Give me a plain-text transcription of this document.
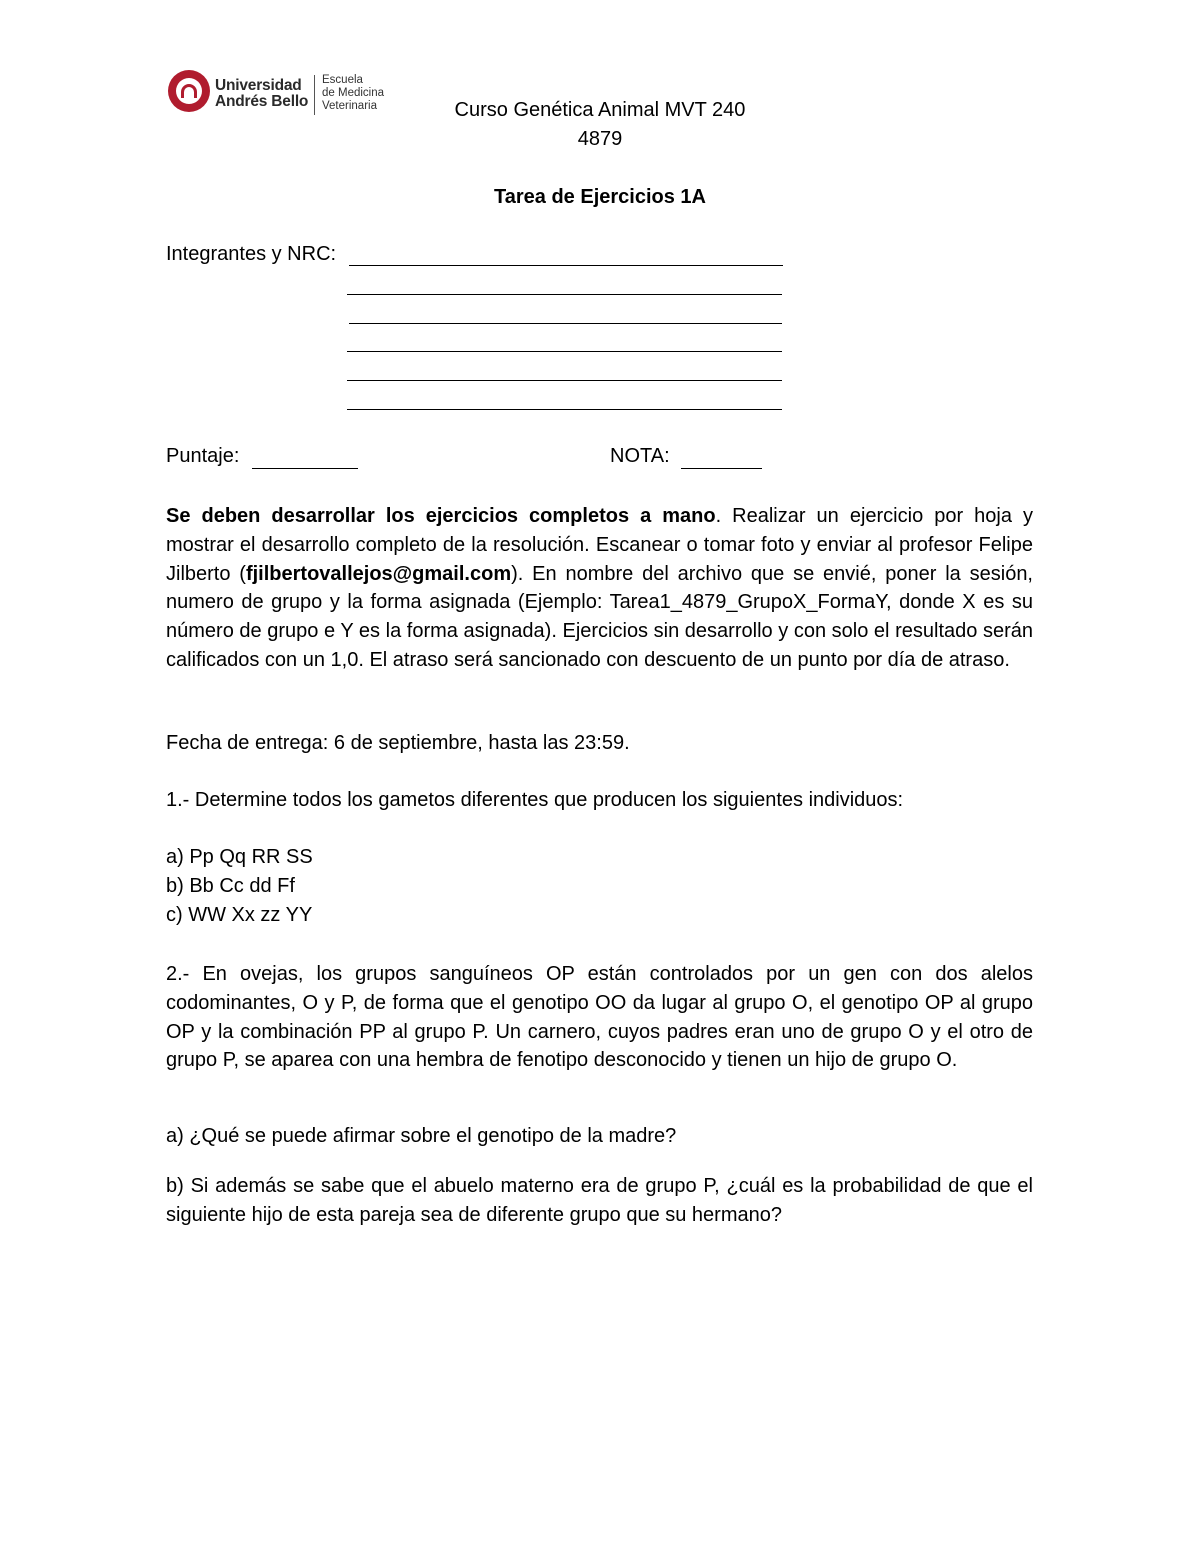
Universidad
Andrés Bello
Escuela
de Medicina
Veterinaria	Curso Genética Animal MVT 240
4879
Tarea de Ejercicios 1A
Integrantes y NRC:
Puntaje:	NOTA:
Se deben desarrollar los ejercicios completos a mano. Realizar un ejercicio por hoja y mostrar el desarrollo completo de la resolución. Escanear o tomar foto y enviar al profesor Felipe Jilberto (fjilbertovallejos@gmail.com). En nombre del archivo que se envié, poner la sesión, numero de grupo y la forma asignada (Ejemplo: Tarea1_4879_GrupoX_FormaY, donde X es su número de grupo e Y es la forma asignada). Ejercicios sin desarrollo y con solo el resultado serán calificados con un 1,0. El atraso será sancionado con descuento de un punto por día de atraso.
Fecha de entrega: 6 de septiembre, hasta las 23:59.
1.- Determine todos los gametos diferentes que producen los siguientes individuos:
a) Pp Qq RR SS
b) Bb Cc dd Ff
c) WW Xx zz YY
2.- En ovejas, los grupos sanguíneos OP están controlados por un gen con dos alelos codominantes, O y P, de forma que el genotipo OO da lugar al grupo O, el genotipo OP al grupo OP y la combinación PP al grupo P. Un carnero, cuyos padres eran uno de grupo O y el otro de grupo P, se aparea con una hembra de fenotipo desconocido y tienen un hijo de grupo O.
a) ¿Qué se puede afirmar sobre el genotipo de la madre?
b) Si además se sabe que el abuelo materno era de grupo P, ¿cuál es la probabilidad de que el siguiente hijo de esta pareja sea de diferente grupo que su hermano?
